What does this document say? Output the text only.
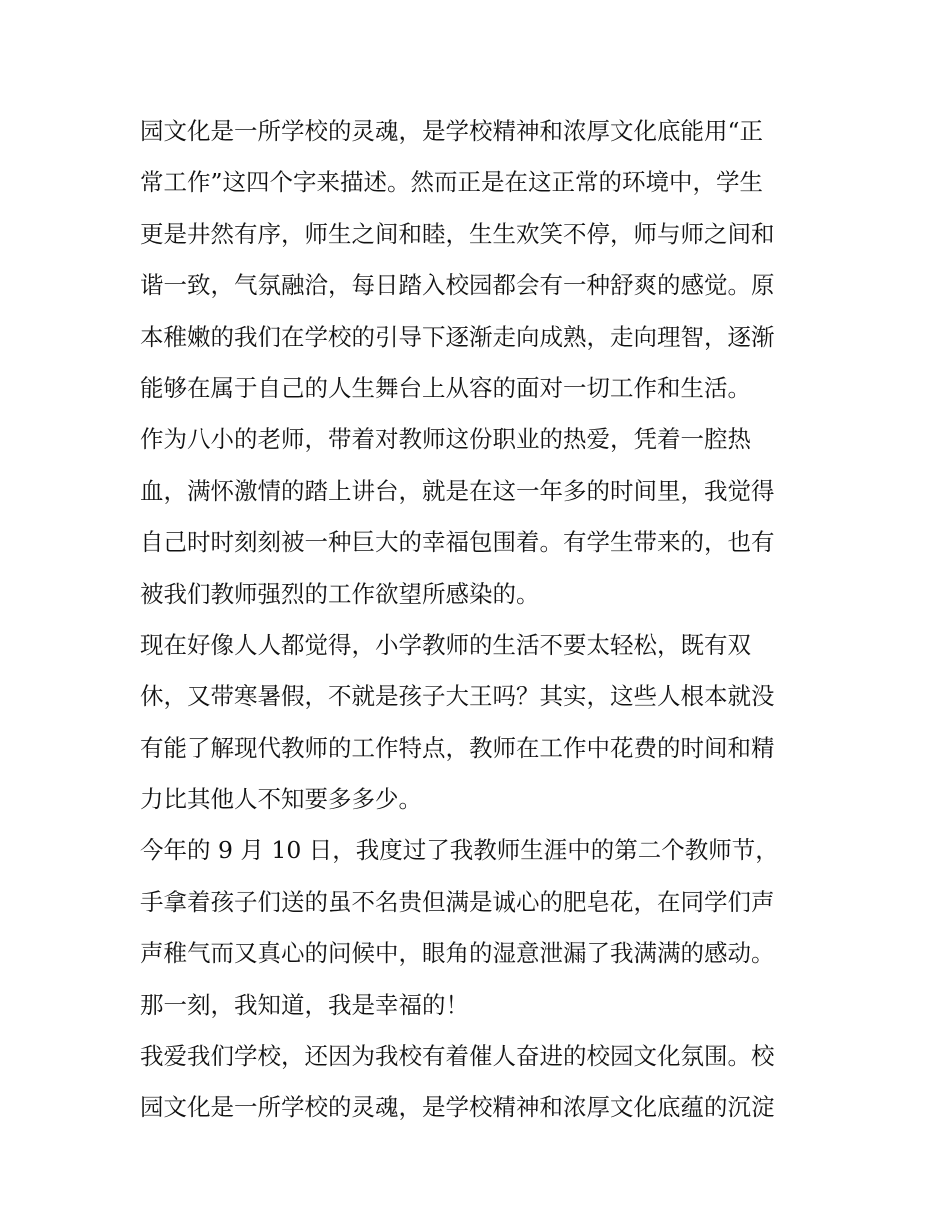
园文化是一所学校的灵魂，是学校精神和浓厚文化底能用“正
常工作”这四个字来描述。然而正是在这正常的环境中，学生
更是井然有序，师生之间和睦，生生欢笑不停，师与师之间和
谐一致，气氛融洽，每日踏入校园都会有一种舒爽的感觉。原
本稚嫩的我们在学校的引导下逐渐走向成熟，走向理智，逐渐
能够在属于自己的人生舞台上从容的面对一切工作和生活。
作为八小的老师，带着对教师这份职业的热爱，凭着一腔热
血，满怀激情的踏上讲台，就是在这一年多的时间里，我觉得
自己时时刻刻被一种巨大的幸福包围着。有学生带来的，也有
被我们教师强烈的工作欲望所感染的。
现在好像人人都觉得，小学教师的生活不要太轻松，既有双
休，又带寒暑假，不就是孩子大王吗？其实，这些人根本就没
有能了解现代教师的工作特点，教师在工作中花费的时间和精
力比其他人不知要多多少。
今年的 9 月 10 日，我度过了我教师生涯中的第二个教师节，
手拿着孩子们送的虽不名贵但满是诚心的肥皂花，在同学们声
声稚气而又真心的问候中，眼角的湿意泄漏了我满满的感动。
那一刻，我知道，我是幸福的！
我爱我们学校，还因为我校有着催人奋进的校园文化氛围。校
园文化是一所学校的灵魂，是学校精神和浓厚文化底蕴的沉淀
